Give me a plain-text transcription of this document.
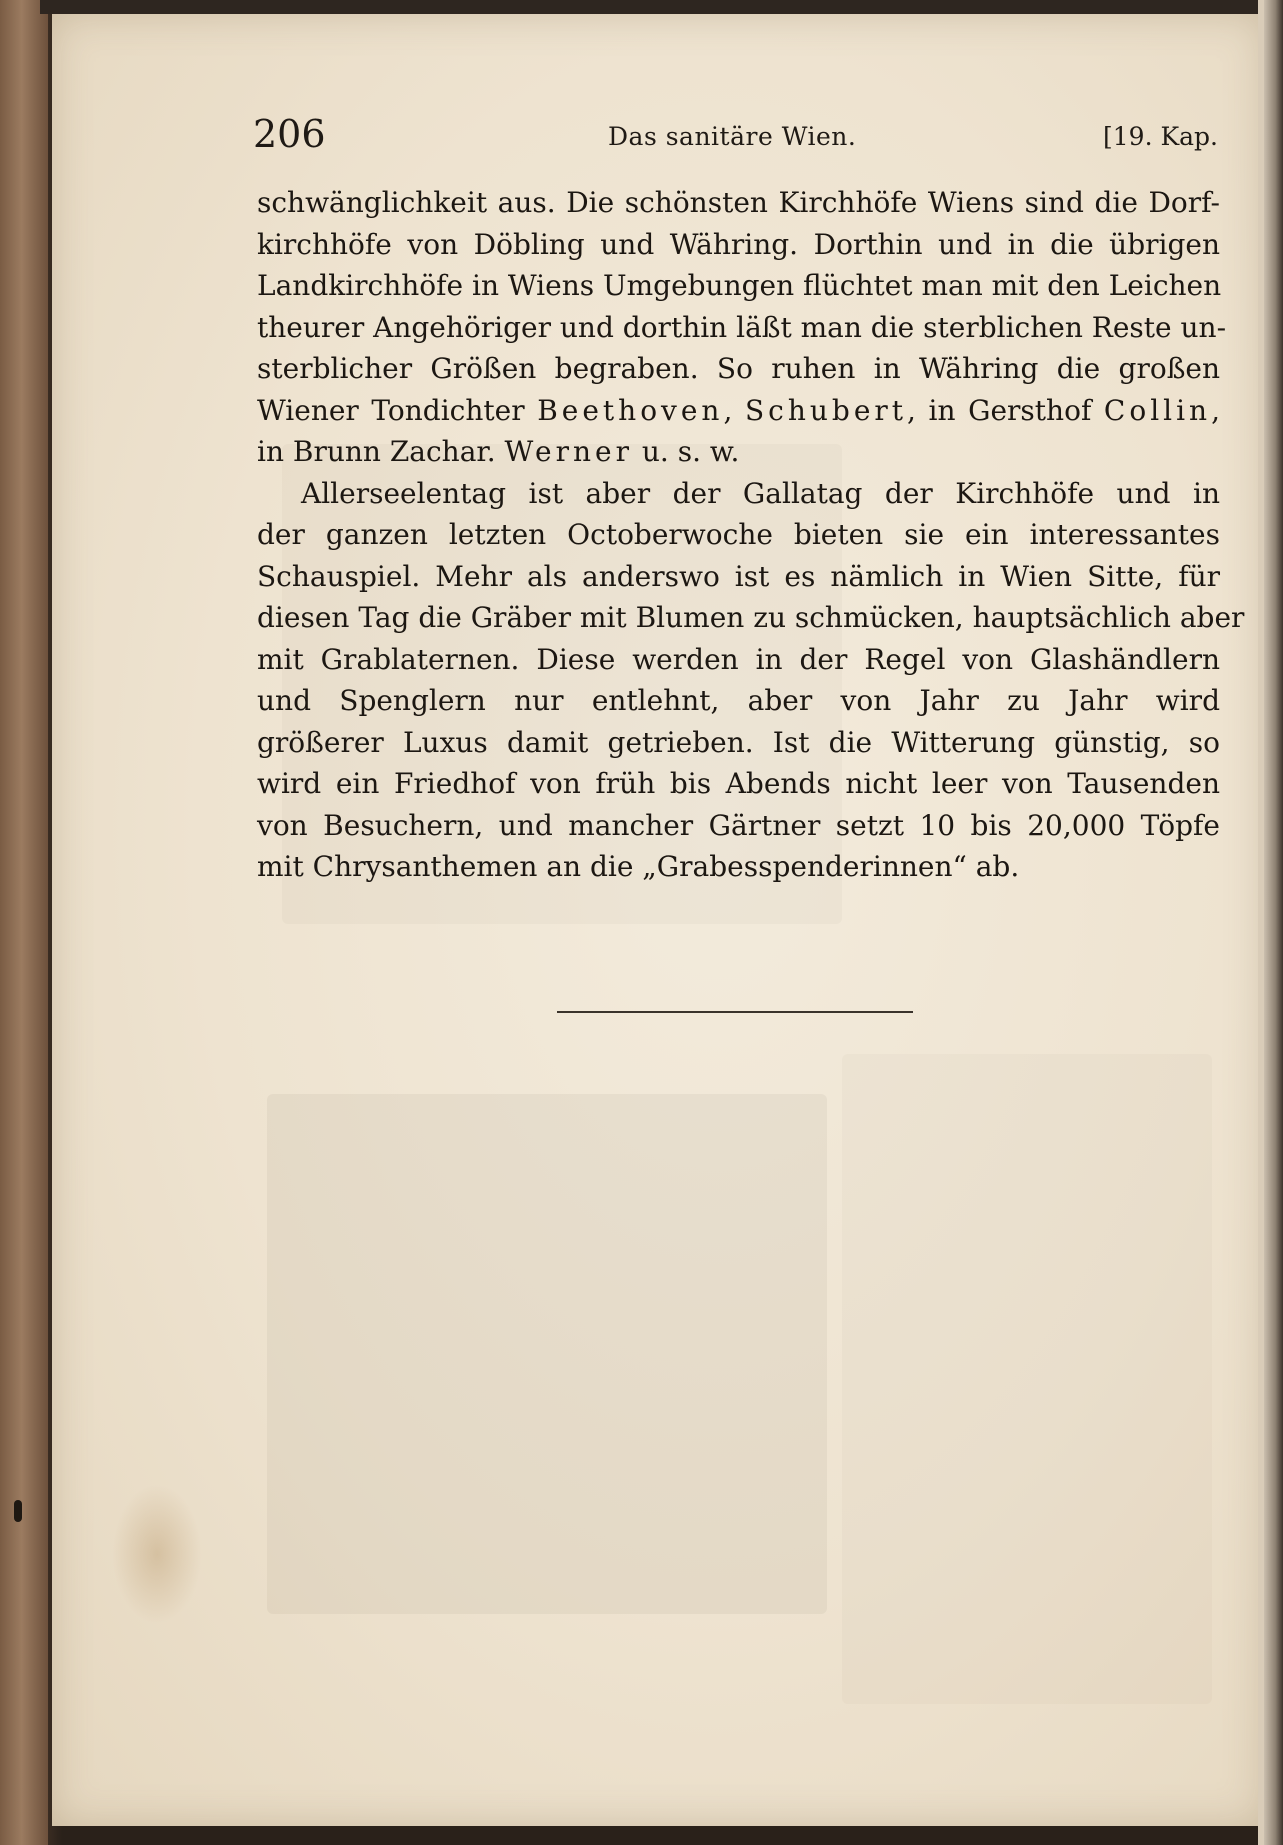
206	Das sanitäre Wien.	[19. Kap.
schwänglichkeit aus. Die schönsten Kirchhöfe Wiens sind die Dorf-
kirchhöfe von Döbling und Währing. Dorthin und in die übrigen
Landkirchhöfe in Wiens Umgebungen flüchtet man mit den Leichen
theurer Angehöriger und dorthin läßt man die sterblichen Reste un-
sterblicher Größen begraben. So ruhen in Währing die großen
Wiener Tondichter Beethoven, Schubert, in Gersthof Collin,
in Brunn Zachar. Werner u. s. w.
Allerseelentag ist aber der Gallatag der Kirchhöfe und in
der ganzen letzten Octoberwoche bieten sie ein interessantes
Schauspiel. Mehr als anderswo ist es nämlich in Wien Sitte, für
diesen Tag die Gräber mit Blumen zu schmücken, hauptsächlich aber
mit Grablaternen. Diese werden in der Regel von Glashändlern
und Spenglern nur entlehnt, aber von Jahr zu Jahr wird
größerer Luxus damit getrieben. Ist die Witterung günstig, so
wird ein Friedhof von früh bis Abends nicht leer von Tausenden
von Besuchern, und mancher Gärtner setzt 10 bis 20,000 Töpfe
mit Chrysanthemen an die „Grabesspenderinnen“ ab.
